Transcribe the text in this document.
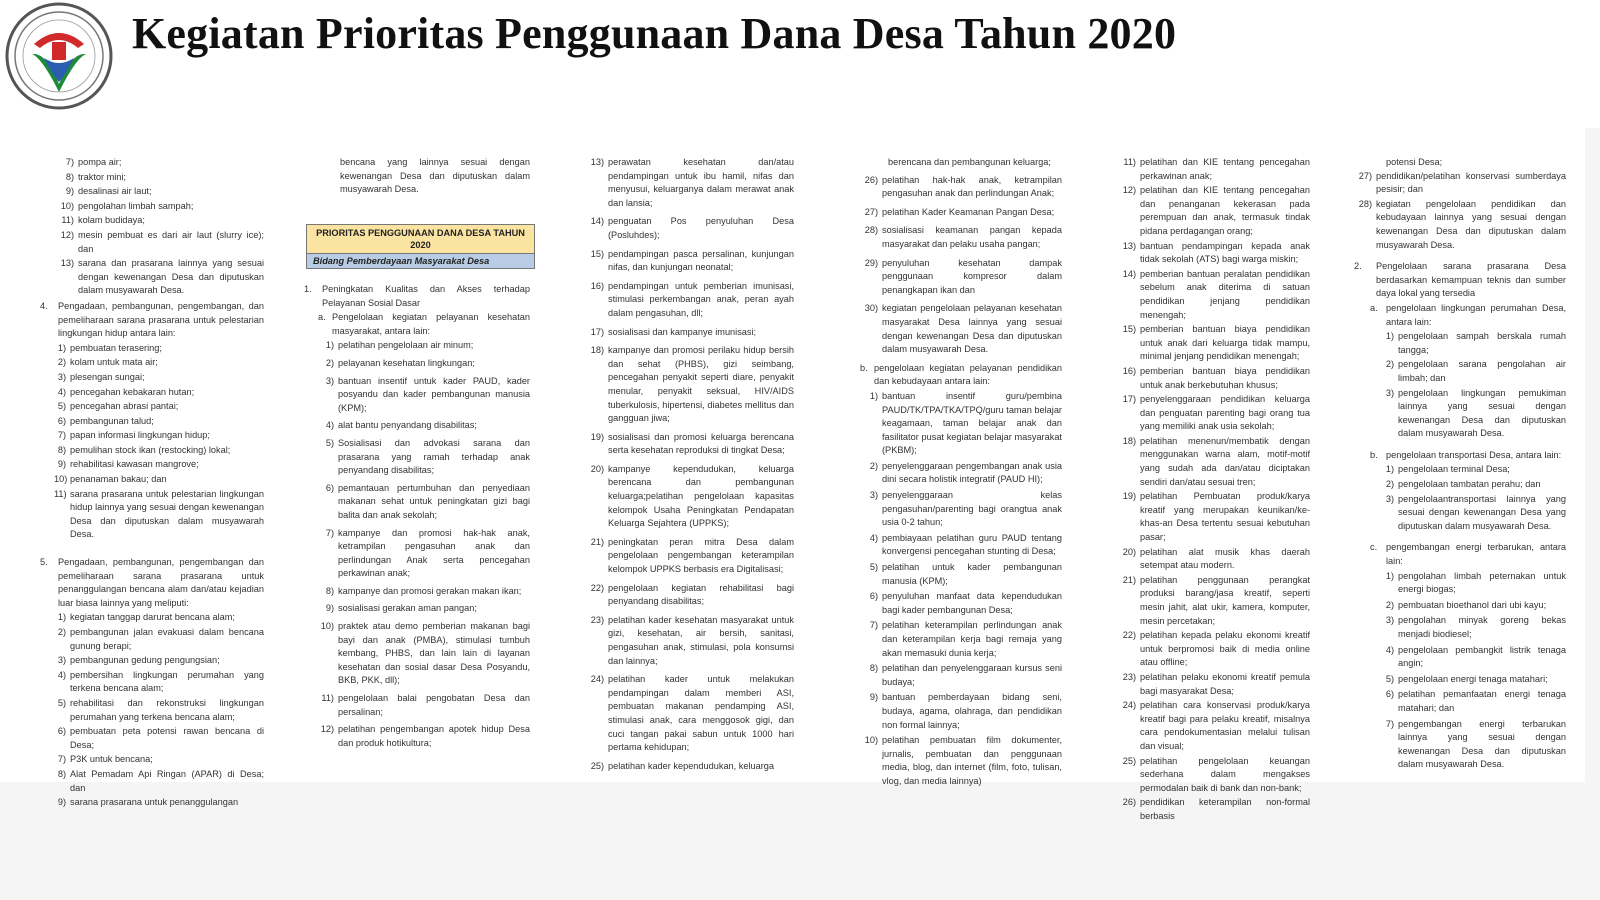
Kegiatan Prioritas Penggunaan Dana Desa Tahun 2020
7) pompa air;
8) traktor mini;
9) desalinasi air laut;
10) pengolahan limbah sampah;
11) kolam budidaya;
12) mesin pembuat es dari air laut (slurry ice); dan
13) sarana dan prasarana lainnya yang sesuai dengan kewenangan Desa dan diputuskan dalam musyawarah Desa.
4.	Pengadaan, pembangunan, pengembangan, dan pemeliharaan sarana prasarana untuk pelestarian lingkungan hidup antara lain:
1) pembuatan terasering;
2) kolam untuk mata air;
3) plesengan sungai;
4) pencegahan kebakaran hutan;
5) pencegahan abrasi pantai;
6) pembangunan talud;
7) papan informasi lingkungan hidup;
8) pemulihan stock ikan (restocking) lokal;
9) rehabilitasi kawasan mangrove;
10) penanaman bakau; dan
11) sarana prasarana untuk pelestarian lingkungan hidup lainnya yang sesuai dengan kewenangan Desa dan diputuskan dalam musyawarah Desa.
5.	Pengadaan, pembangunan, pengembangan dan pemeliharaan sarana prasarana untuk penanggulangan bencana alam dan/atau kejadian luar biasa lainnya yang meliputi:
1) kegiatan tanggap darurat bencana alam;
2) pembangunan jalan evakuasi dalam bencana gunung berapi;
3) pembangunan gedung pengungsian;
4) pembersihan lingkungan perumahan yang terkena bencana alam;
5) rehabilitasi dan rekonstruksi lingkungan perumahan yang terkena bencana alam;
6) pembuatan peta potensi rawan bencana di Desa;
7) P3K untuk bencana;
8) Alat Pemadam Api Ringan (APAR) di Desa; dan
9) sarana prasarana untuk penanggulangan

bencana yang lainnya sesuai dengan kewenangan Desa dan diputuskan dalam musyawarah Desa.

PRIORITAS PENGGUNAAN DANA DESA TAHUN 2020
Bidang Pemberdayaan Masyarakat Desa
1.	Peningkatan Kualitas dan Akses terhadap Pelayanan Sosial Dasar
a. Pengelolaan kegiatan pelayanan kesehatan masyarakat, antara lain:
1) pelatihan pengelolaan air minum;
2) pelayanan kesehatan lingkungan;
3) bantuan insentif untuk kader PAUD, kader posyandu dan kader pembangunan manusia (KPM);
4) alat bantu penyandang disabilitas;
5) Sosialisasi dan advokasi sarana dan prasarana yang ramah terhadap anak penyandang disabilitas;
6) pemantauan pertumbuhan dan penyediaan makanan sehat untuk peningkatan gizi bagi balita dan anak sekolah;
7) kampanye dan promosi hak-hak anak, ketrampilan pengasuhan anak dan perlindungan Anak serta pencegahan perkawinan anak;
8) kampanye dan promosi gerakan makan ikan;
9) sosialisasi gerakan aman pangan;
10) praktek atau demo pemberian makanan bagi bayi dan anak (PMBA), stimulasi tumbuh kembang, PHBS, dan lain lain di layanan kesehatan dan sosial dasar Desa Posyandu, BKB, PKK, dll);
11) pengelolaan balai pengobatan Desa dan persalinan;
12) pelatihan pengembangan apotek hidup Desa dan produk hotikultura;
13) perawatan kesehatan dan/atau pendampingan untuk ibu hamil, nifas dan menyusui, keluarganya dalam merawat anak dan lansia;
14) penguatan Pos penyuluhan Desa (Posluhdes);
15) pendampingan pasca persalinan, kunjungan nifas, dan kunjungan neonatal;
16) pendampingan untuk pemberian imunisasi, stimulasi perkembangan anak, peran ayah dalam pengasuhan, dll;
17) sosialisasi dan kampanye imunisasi;
18) kampanye dan promosi perilaku hidup bersih dan sehat (PHBS), gizi seimbang, pencegahan penyakit seperti diare, penyakit menular, penyakit seksual, HIV/AIDS tuberkulosis, hipertensi, diabetes mellitus dan gangguan jiwa;
19) sosialisasi dan promosi keluarga berencana serta kesehatan reproduksi di tingkat Desa;
20) kampanye kependudukan, keluarga berencana dan pembangunan keluarga;pelatihan pengelolaan kapasitas kelompok Usaha Peningkatan Pendapatan Keluarga Sejahtera (UPPKS);
21) peningkatan peran mitra Desa dalam pengelolaan pengembangan keterampilan kelompok UPPKS berbasis era Digitalisasi;
22) pengelolaan kegiatan rehabilitasi bagi penyandang disabilitas;
23) pelatihan kader kesehatan masyarakat untuk gizi, kesehatan, air bersih, sanitasi, pengasuhan anak, stimulasi, pola konsumsi dan lainnya;
24) pelatihan kader untuk melakukan pendampingan dalam memberi ASI, pembuatan makanan pendamping ASI, stimulasi anak, cara menggosok gigi, dan cuci tangan pakai sabun untuk 1000 hari pertama kehidupan;
25) pelatihan kader kependudukan, keluarga

berencana dan pembangunan keluarga;

26) pelatihan hak-hak anak, ketrampilan pengasuhan anak dan perlindungan Anak;
27) pelatihan Kader Keamanan Pangan Desa;
28) sosialisasi keamanan pangan kepada masyarakat dan pelaku usaha pangan;
29) penyuluhan kesehatan dampak penggunaan kompresor dalam penangkapan ikan dan
30) kegiatan pengelolaan pelayanan kesehatan masyarakat Desa lainnya yang sesuai dengan kewenangan Desa dan diputuskan dalam musyawarah Desa.
b. pengelolaan kegiatan pelayanan pendidikan dan kebudayaan antara lain:
1) bantuan insentif guru/pembina PAUD/TK/TPA/TKA/TPQ/guru taman belajar keagamaan, taman belajar anak dan fasilitator pusat kegiatan belajar masyarakat (PKBM);
2) penyelenggaraan pengembangan anak usia dini secara holistik integratif (PAUD HI);
3) penyelenggaraan kelas pengasuhan/parenting bagi orangtua anak usia 0-2 tahun;
4) pembiayaan pelatihan guru PAUD tentang konvergensi pencegahan stunting di Desa;
5) pelatihan untuk kader pembangunan manusia (KPM);
6) penyuluhan manfaat data kependudukan bagi kader pembangunan Desa;
7) pelatihan keterampilan perlindungan anak dan keterampilan kerja bagi remaja yang akan memasuki dunia kerja;
8) pelatihan dan penyelenggaraan kursus seni budaya;
9) bantuan pemberdayaan bidang seni, budaya, agama, olahraga, dan pendidikan non formal lainnya;
10) pelatihan pembuatan film dokumenter, jurnalis, pembuatan dan penggunaan media, blog, dan internet (film, foto, tulisan, vlog, dan media lainnya)
11) pelatihan dan KIE tentang pencegahan perkawinan anak;
12) pelatihan dan KIE tentang pencegahan dan penanganan kekerasan pada perempuan dan anak, termasuk tindak pidana perdagangan orang;
13) bantuan pendampingan kepada anak tidak sekolah (ATS) bagi warga miskin;
14) pemberian bantuan peralatan pendidikan sebelum anak diterima di satuan pendidikan jenjang pendidikan menengah;
15) pemberian bantuan biaya pendidikan untuk anak dari keluarga tidak mampu, minimal jenjang pendidikan menengah;
16) pemberian bantuan biaya pendidikan untuk anak berkebutuhan khusus;
17) penyelenggaraan pendidikan keluarga dan penguatan parenting bagi orang tua yang memiliki anak usia sekolah;
18) pelatihan menenun/membatik dengan menggunakan warna alam, motif-motif yang sudah ada dan/atau diciptakan sendiri dan/atau sesuai tren;
19) pelatihan Pembuatan produk/karya kreatif yang merupakan keunikan/ke- khas-an Desa tertentu sesuai kebutuhan pasar;
20) pelatihan alat musik khas daerah setempat atau modern.
21) pelatihan penggunaan perangkat produksi barang/jasa kreatif, seperti mesin jahit, alat ukir, kamera, komputer, mesin percetakan;
22) pelatihan kepada pelaku ekonomi kreatif untuk berpromosi baik di media online atau offline;
23) pelatihan pelaku ekonomi kreatif pemula bagi masyarakat Desa;
24) pelatihan cara konservasi produk/karya kreatif bagi para pelaku kreatif, misalnya cara pendokumentasian melalui tulisan dan visual;
25) pelatihan pengelolaan keuangan sederhana dalam mengakses permodalan baik di bank dan non-bank;
26) pendidikan keterampilan non-formal berbasis

potensi Desa;

27) pendidikan/pelatihan konservasi sumberdaya pesisir; dan
28) kegiatan pengelolaan pendidikan dan kebudayaan lainnya yang sesuai dengan kewenangan Desa dan diputuskan dalam musyawarah Desa.
2.	Pengelolaan sarana prasarana Desa berdasarkan kemampuan teknis dan sumber daya lokal yang tersedia
a. pengelolaan lingkungan perumahan Desa, antara lain:
1) pengelolaan sampah berskala rumah tangga;
2) pengelolaan sarana pengolahan air limbah; dan
3) pengelolaan lingkungan pemukiman lainnya yang sesuai dengan kewenangan Desa dan diputuskan dalam musyawarah Desa.
b. pengelolaan transportasi Desa, antara lain:
1) pengelolaan terminal Desa;
2) pengelolaan tambatan perahu; dan
3) pengelolaantransportasi lainnya yang sesuai dengan kewenangan Desa yang diputuskan dalam musyawarah Desa.
c. pengembangan energi terbarukan, antara lain:
1) pengolahan limbah peternakan untuk energi biogas;
2) pembuatan bioethanol dari ubi kayu;
3) pengolahan minyak goreng bekas menjadi biodiesel;
4) pengelolaan pembangkit listrik tenaga angin;
5) pengelolaan energi tenaga matahari;
6) pelatihan pemanfaatan energi tenaga matahari; dan
7) pengembangan energi terbarukan lainnya yang sesuai dengan kewenangan Desa dan diputuskan dalam musyawarah Desa.
